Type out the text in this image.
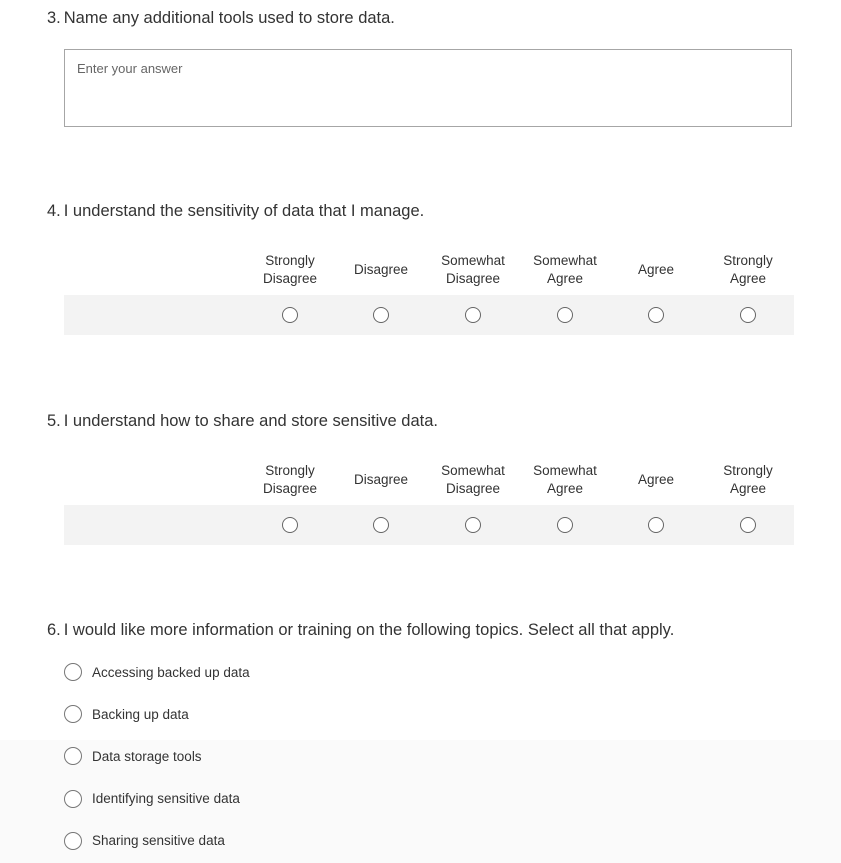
3. Name any additional tools used to store data.
Enter your answer
4. I understand the sensitivity of data that I manage.
Strongly Disagree
Disagree
Somewhat Disagree
Somewhat Agree
Agree
Strongly Agree
5. I understand how to share and store sensitive data.
Strongly Disagree
Disagree
Somewhat Disagree
Somewhat Agree
Agree
Strongly Agree
6. I would like more information or training on the following topics. Select all that apply.
Accessing backed up data
Backing up data
Data storage tools
Identifying sensitive data
Sharing sensitive data
